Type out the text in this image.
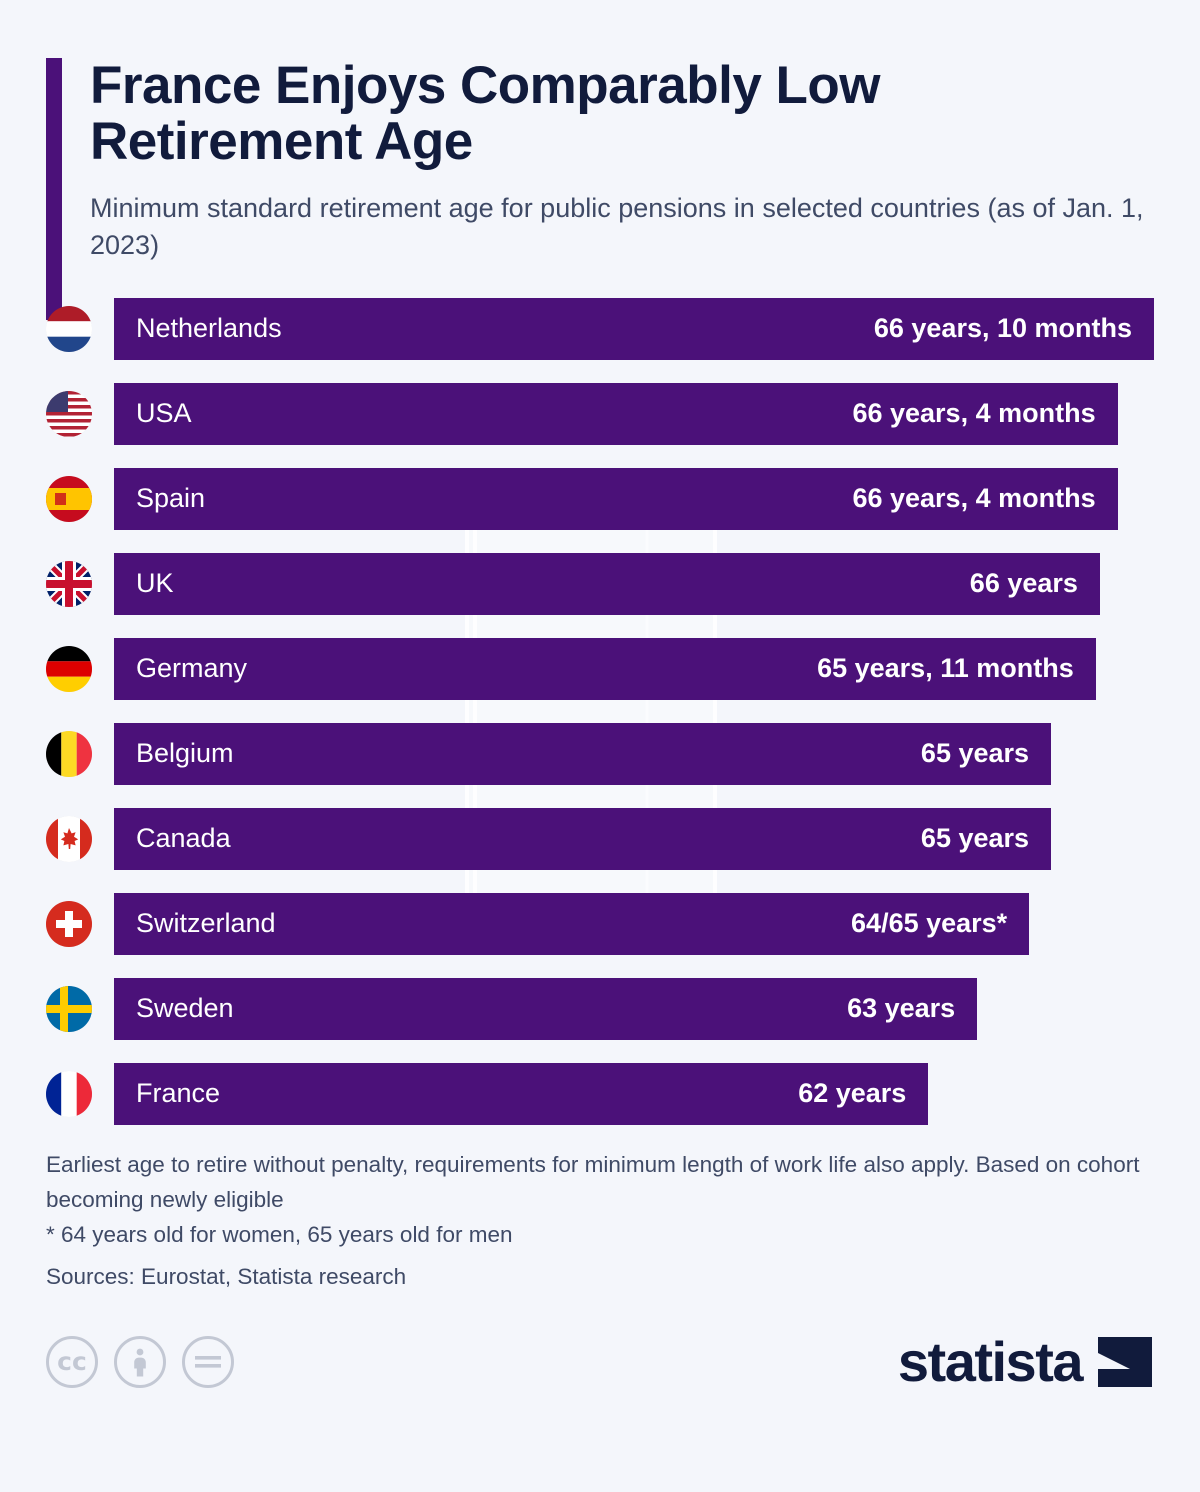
France Enjoys Comparably Low Retirement Age
Minimum standard retirement age for public pensions in selected countries (as of Jan. 1, 2023)
Netherlands	66 years, 10 months
USA	66 years, 4 months
Spain	66 years, 4 months
UK	66 years
Germany	65 years, 11 months
Belgium	65 years
Canada	65 years
Switzerland	64/65 years*
Sweden	63 years
France	62 years

Earliest age to retire without penalty, requirements for minimum length of work life also apply. Based on cohort becoming newly eligible

* 64 years old for women, 65 years old for men

Sources: Eurostat, Statista research

cc	statista
